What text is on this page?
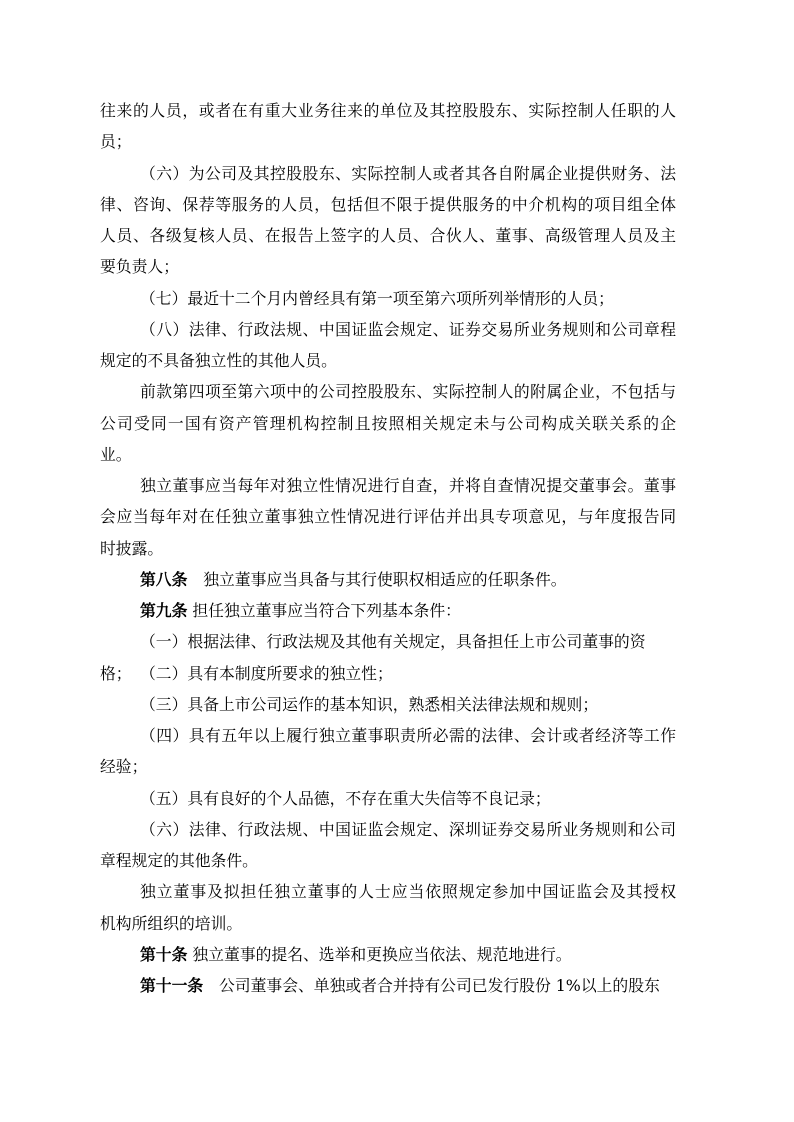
往来的人员，或者在有重大业务往来的单位及其控股股东、实际控制人任职的人
员；
（六）为公司及其控股股东、实际控制人或者其各自附属企业提供财务、法
律、咨询、保荐等服务的人员，包括但不限于提供服务的中介机构的项目组全体
人员、各级复核人员、在报告上签字的人员、合伙人、董事、高级管理人员及主
要负责人；
（七）最近十二个月内曾经具有第一项至第六项所列举情形的人员；
（八）法律、行政法规、中国证监会规定、证券交易所业务规则和公司章程
规定的不具备独立性的其他人员。
前款第四项至第六项中的公司控股股东、实际控制人的附属企业，不包括与
公司受同一国有资产管理机构控制且按照相关规定未与公司构成关联关系的企
业。
独立董事应当每年对独立性情况进行自查，并将自查情况提交董事会。董事
会应当每年对在任独立董事独立性情况进行评估并出具专项意见，与年度报告同
时披露。
第八条　独立董事应当具备与其行使职权相适应的任职条件。
第九条 担任独立董事应当符合下列基本条件：
（一）根据法律、行政法规及其他有关规定，具备担任上市公司董事的资格； （二）具有本制度所要求的独立性；
（三）具备上市公司运作的基本知识，熟悉相关法律法规和规则；
（四）具有五年以上履行独立董事职责所必需的法律、会计或者经济等工作
经验；
（五）具有良好的个人品德，不存在重大失信等不良记录；
（六）法律、行政法规、中国证监会规定、深圳证券交易所业务规则和公司
章程规定的其他条件。
独立董事及拟担任独立董事的人士应当依照规定参加中国证监会及其授权
机构所组织的培训。
第十条 独立董事的提名、选举和更换应当依法、规范地进行。
第十一条　公司董事会、单独或者合并持有公司已发行股份 1%以上的股东
